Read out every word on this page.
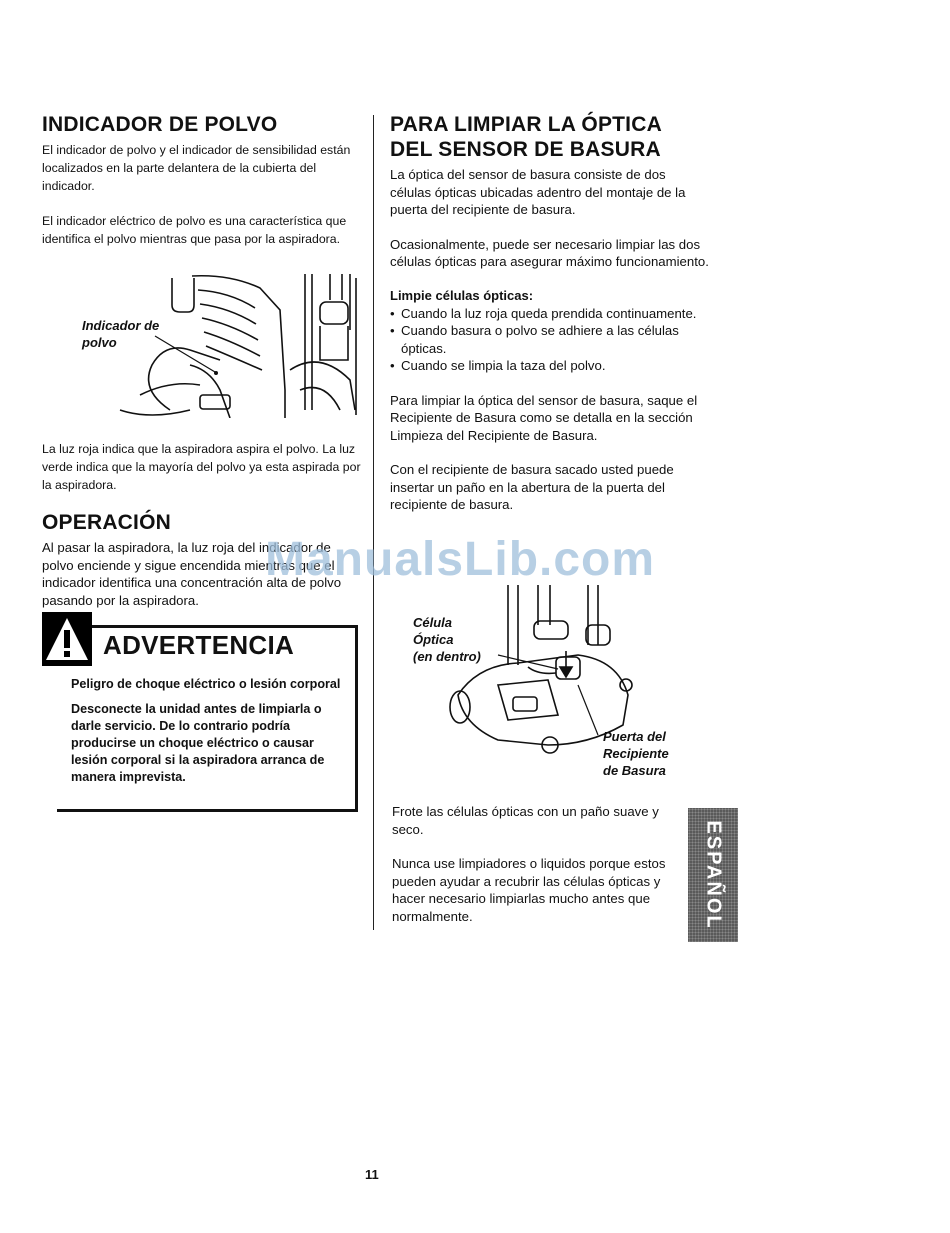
INDICADOR DE POLVO

El indicador de polvo y el indicador de sensibilidad están localizados en la parte delantera de la cubierta del indicador.

El indicador eléctrico de polvo es una característica que identifica el polvo mientras que pasa por la aspiradora.

Indicador de
polvo

La luz roja indica que la aspiradora aspira el polvo. La luz verde indica que la mayoría del polvo ya esta aspirada por la aspiradora.

OPERACIÓN

Al pasar la aspiradora, la luz roja del indicador de polvo enciende y sigue encendida mientras que el indicador identifica una concentración alta de polvo pasando por la aspiradora.

ADVERTENCIA

Peligro de choque eléctrico o lesión corporal

Desconecte la unidad antes de limpiarla o darle servicio. De lo contrario podría producirse un choque eléctrico o causar lesión corporal si la aspiradora arranca de manera imprevista.

PARA LIMPIAR LA ÓPTICA
DEL SENSOR DE BASURA

La óptica del sensor de basura consiste de dos células ópticas ubicadas adentro del montaje de la puerta del recipiente de basura.

Ocasionalmente, puede ser necesario limpiar las dos células ópticas para asegurar máximo funcionamiento.

Limpie células ópticas:

• Cuando la luz roja queda prendida continuamente.
• Cuando basura o polvo se adhiere a las células ópticas.
• Cuando se limpia la taza del polvo.

Para limpiar la óptica del sensor de basura, saque el Recipiente de Basura como se detalla en la sección Limpieza del Recipiente de Basura.

Con el recipiente de basura sacado usted puede insertar un paño en la abertura de la puerta del recipiente de basura.

Célula
Óptica
(en dentro)
Puerta del
Recipiente
de Basura

Frote las células ópticas con un paño suave y seco.

Nunca use limpiadores o liquidos porque estos pueden ayudar a recubrir las células ópticas y hacer necesario limpiarlas mucho antes que normalmente.	ESPAÑOL
ManualsLib.com
11
